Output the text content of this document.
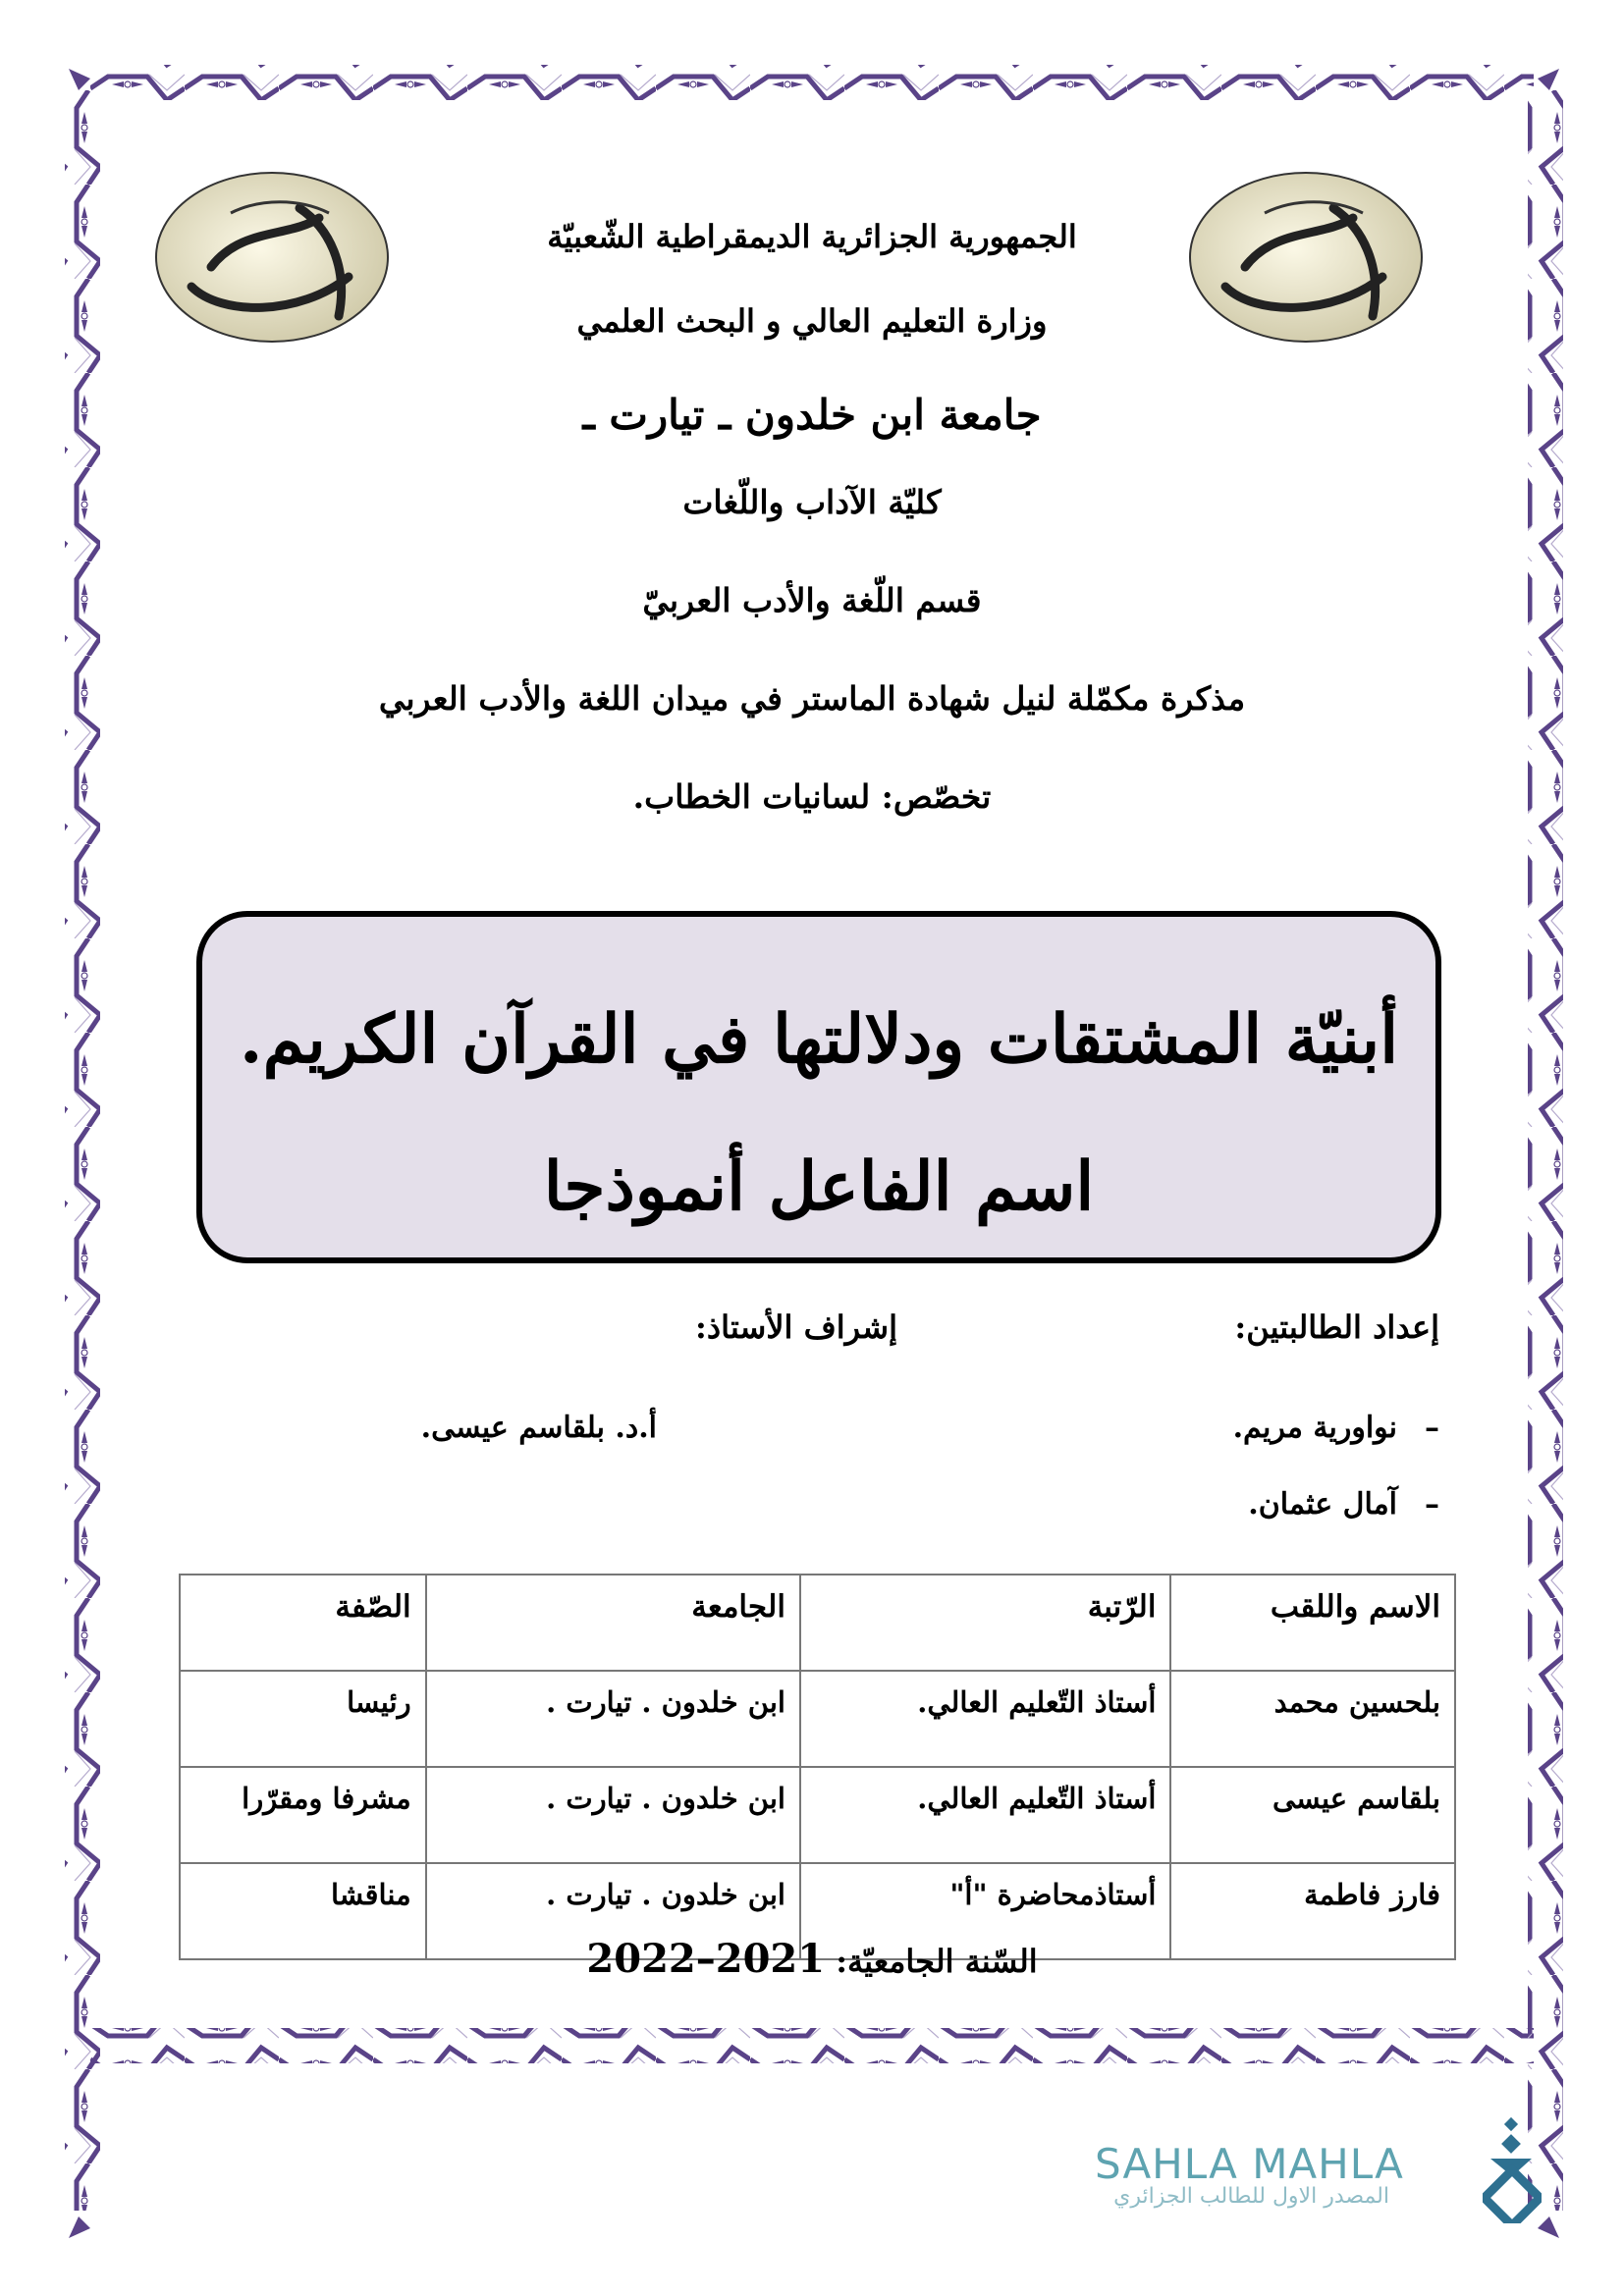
الجمهورية الجزائرية الديمقراطية الشّعبيّة
وزارة التعليم العالي و البحث العلمي
جامعة ابن خلدون ـ تيارت ـ
كليّة الآداب واللّغات
قسم اللّغة والأدب العربيّ
مذكرة مكمّلة لنيل شهادة الماستر في ميدان اللغة والأدب العربي
تخصّص: لسانيات الخطاب.
أبنيّة المشتقات ودلالتها في القرآن الكريم.
اسم الفاعل أنموذجا
إعداد الطالبتين:
إشراف الأستاذ:
–
نواورية مريم.
–
آمال عثمان.
أ.د. بلقاسم عيسى.
الاسم واللقب	الرّتبة	الجامعة	الصّفة
بلحسين محمد	أستاذ التّعليم العالي.	ابن خلدون . تيارت .	رئيسا
بلقاسم عيسى	أستاذ التّعليم العالي.	ابن خلدون . تيارت .	مشرفا ومقرّرا
فارز فاطمة	أستاذمحاضرة "أ"	ابن خلدون . تيارت .	مناقشا
السّنة الجامعيّة: 2022–2021
SAHLA MAHLA
المصدر الاول للطالب الجزائري
